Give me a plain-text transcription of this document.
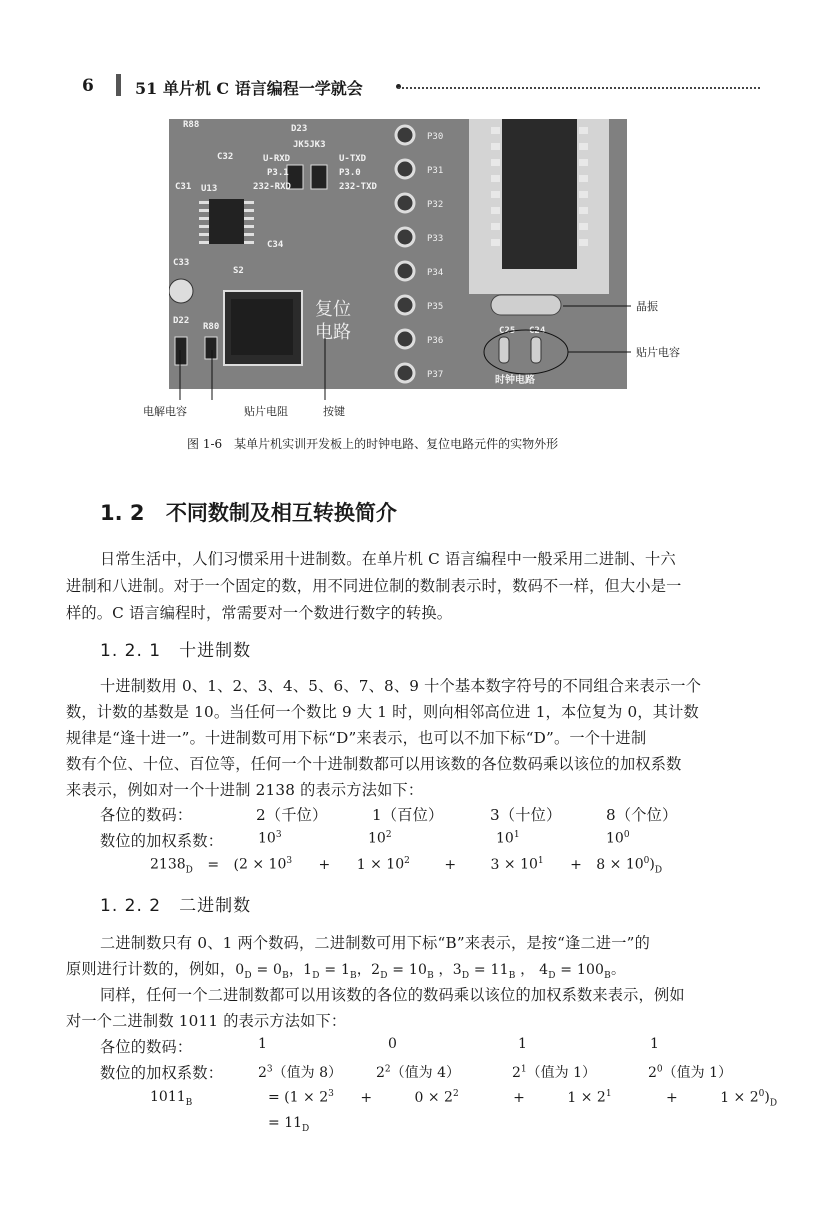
6	51 单片机 C 语言编程一学就会
P30
P31
P32
P33
P34
P35
P36
P37
R88	D23
JK5JK3
U-RXD	U-TXD
P3.1	P3.0
232-RXD	232-TXD
C32
C31 U13
C33
C34
S2
D22
R80	C25 C24
时钟电路
复位
电路
晶振
贴片电容
电解电容	贴片电阻	按键
图 1-6　某单片机实训开发板上的时钟电路、复位电路元件的实物外形
1. 2 不同数制及相互转换简介
日常生活中，人们习惯采用十进制数。在单片机 C 语言编程中一般采用二进制、十六
进制和八进制。对于一个固定的数，用不同进位制的数制表示时，数码不一样，但大小是一
样的。C 语言编程时，常需要对一个数进行数字的转换。
1. 2. 1　十进制数
十进制数用 0、1、2、3、4、5、6、7、8、9 十个基本数字符号的不同组合来表示一个
数，计数的基数是 10。当任何一个数比 9 大 1 时，则向相邻高位进 1，本位复为 0，其计数
规律是“逢十进一”。十进制数可用下标“D”来表示，也可以不加下标“D”。一个十进制
数有个位、十位、百位等，任何一个十进制数都可以用该数的各位数码乘以该位的加权系数
来表示，例如对一个十进制 2138 的表示方法如下：
各位的数码：	2（千位）	1（百位）	3（十位）	8（个位）
数位的加权系数： $10^3$	$10^2$	$10^1$	$10^0$
$2138_D = (2 \times 10^3 + 1 \times 10^2 + 3 \times 10^1 + 8 \times 10^0)_D$
1. 2. 2　二进制数
二进制数只有 0、1 两个数码，二进制数可用下标“B”来表示，是按“逢二进一”的
原则进行计数的，例如，$0_D = 0_B$，$1_D = 1_B$，$2_D = 10_B$ ，$3_D = 11_B$ ， $4_D = 100_B$。
同样，任何一个二进制数都可以用该数的各位的数码乘以该位的加权系数来表示，例如
对一个二进制数 1011 的表示方法如下：
各位的数码：	1	0	1	1
数位的加权系数： $2^3$（值为 8） $2^2$（值为 4）	$2^1$（值为 1）	$2^0$（值为 1）
$1011_B$	= ($1 \times 2^3$ +	$0 \times 2^2$	+	$1 \times 2^1$	+	$1 \times 2^0)_D$
= $11_D$
